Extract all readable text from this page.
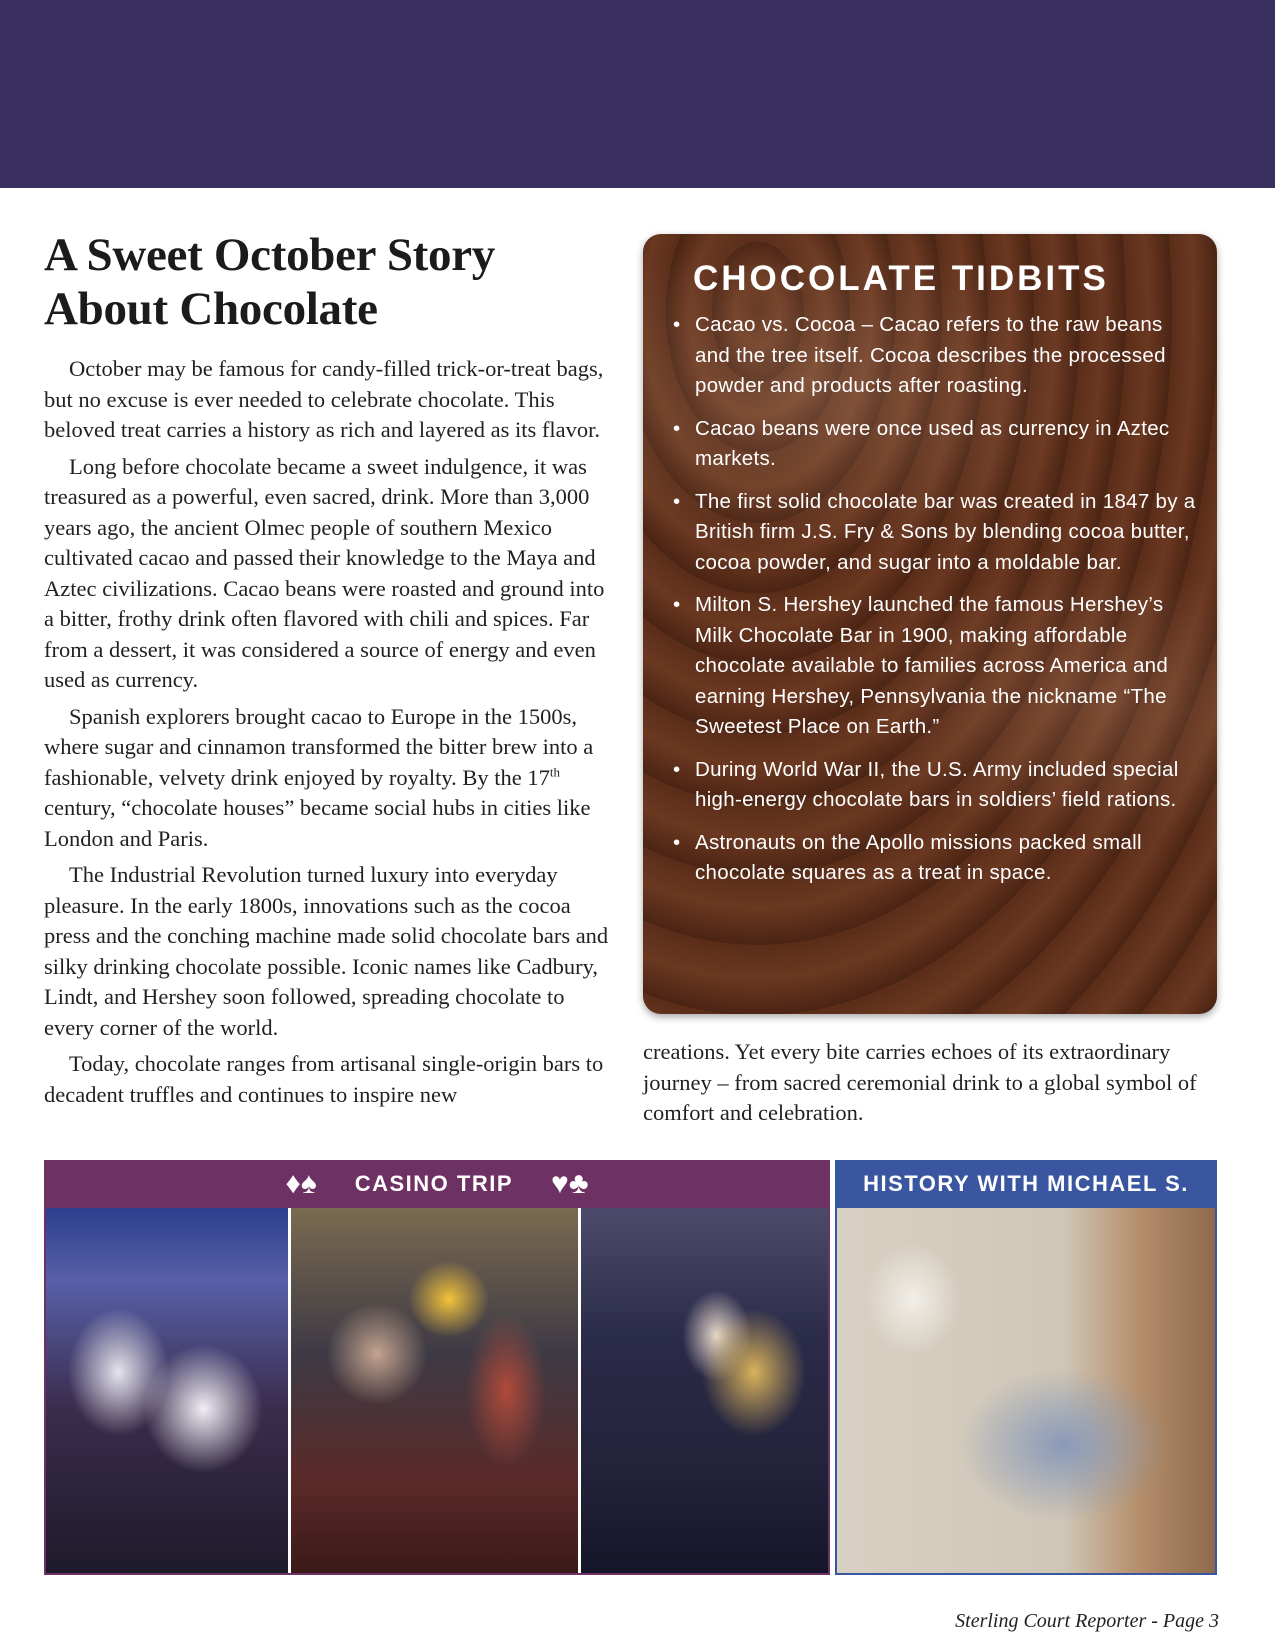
A Sweet October Story About Chocolate

October may be famous for candy-filled trick-or-treat bags, but no excuse is ever needed to celebrate chocolate. This beloved treat carries a history as rich and layered as its flavor.

Long before chocolate became a sweet indulgence, it was treasured as a powerful, even sacred, drink. More than 3,000 years ago, the ancient Olmec people of southern Mexico cultivated cacao and passed their knowledge to the Maya and Aztec civilizations. Cacao beans were roasted and ground into a bitter, frothy drink often flavored with chili and spices. Far from a dessert, it was considered a source of energy and even used as currency.

Spanish explorers brought cacao to Europe in the 1500s, where sugar and cinnamon transformed the bitter brew into a fashionable, velvety drink enjoyed by royalty. By the 17th century, “chocolate houses” became social hubs in cities like London and Paris.

The Industrial Revolution turned luxury into everyday pleasure. In the early 1800s, innovations such as the cocoa press and the conching machine made solid chocolate bars and silky drinking chocolate possible. Iconic names like Cadbury, Lindt, and Hershey soon followed, spreading chocolate to every corner of the world.

Today, chocolate ranges from artisanal single-origin bars to decadent truffles and continues to inspire new

CHOCOLATE TIDBITS
• Cacao vs. Cocoa – Cacao refers to the raw beans and the tree itself. Cocoa describes the processed powder and products after roasting.
• Cacao beans were once used as currency in Aztec markets.
• The first solid chocolate bar was created in 1847 by a British firm J.S. Fry & Sons by blending cocoa butter, cocoa powder, and sugar into a moldable bar.
• Milton S. Hershey launched the famous Hershey’s Milk Chocolate Bar in 1900, making affordable chocolate available to families across America and earning Hershey, Pennsylvania the nickname “The Sweetest Place on Earth.”
• During World War II, the U.S. Army included special high-energy chocolate bars in soldiers’ field rations.
• Astronauts on the Apollo missions packed small chocolate squares as a treat in space.

creations. Yet every bite carries echoes of its extraordinary journey – from sacred ceremonial drink to a global symbol of comfort and celebration.

♦♠ CASINO TRIP ♥♣	HISTORY WITH MICHAEL S.
Sterling Court Reporter - Page 3
